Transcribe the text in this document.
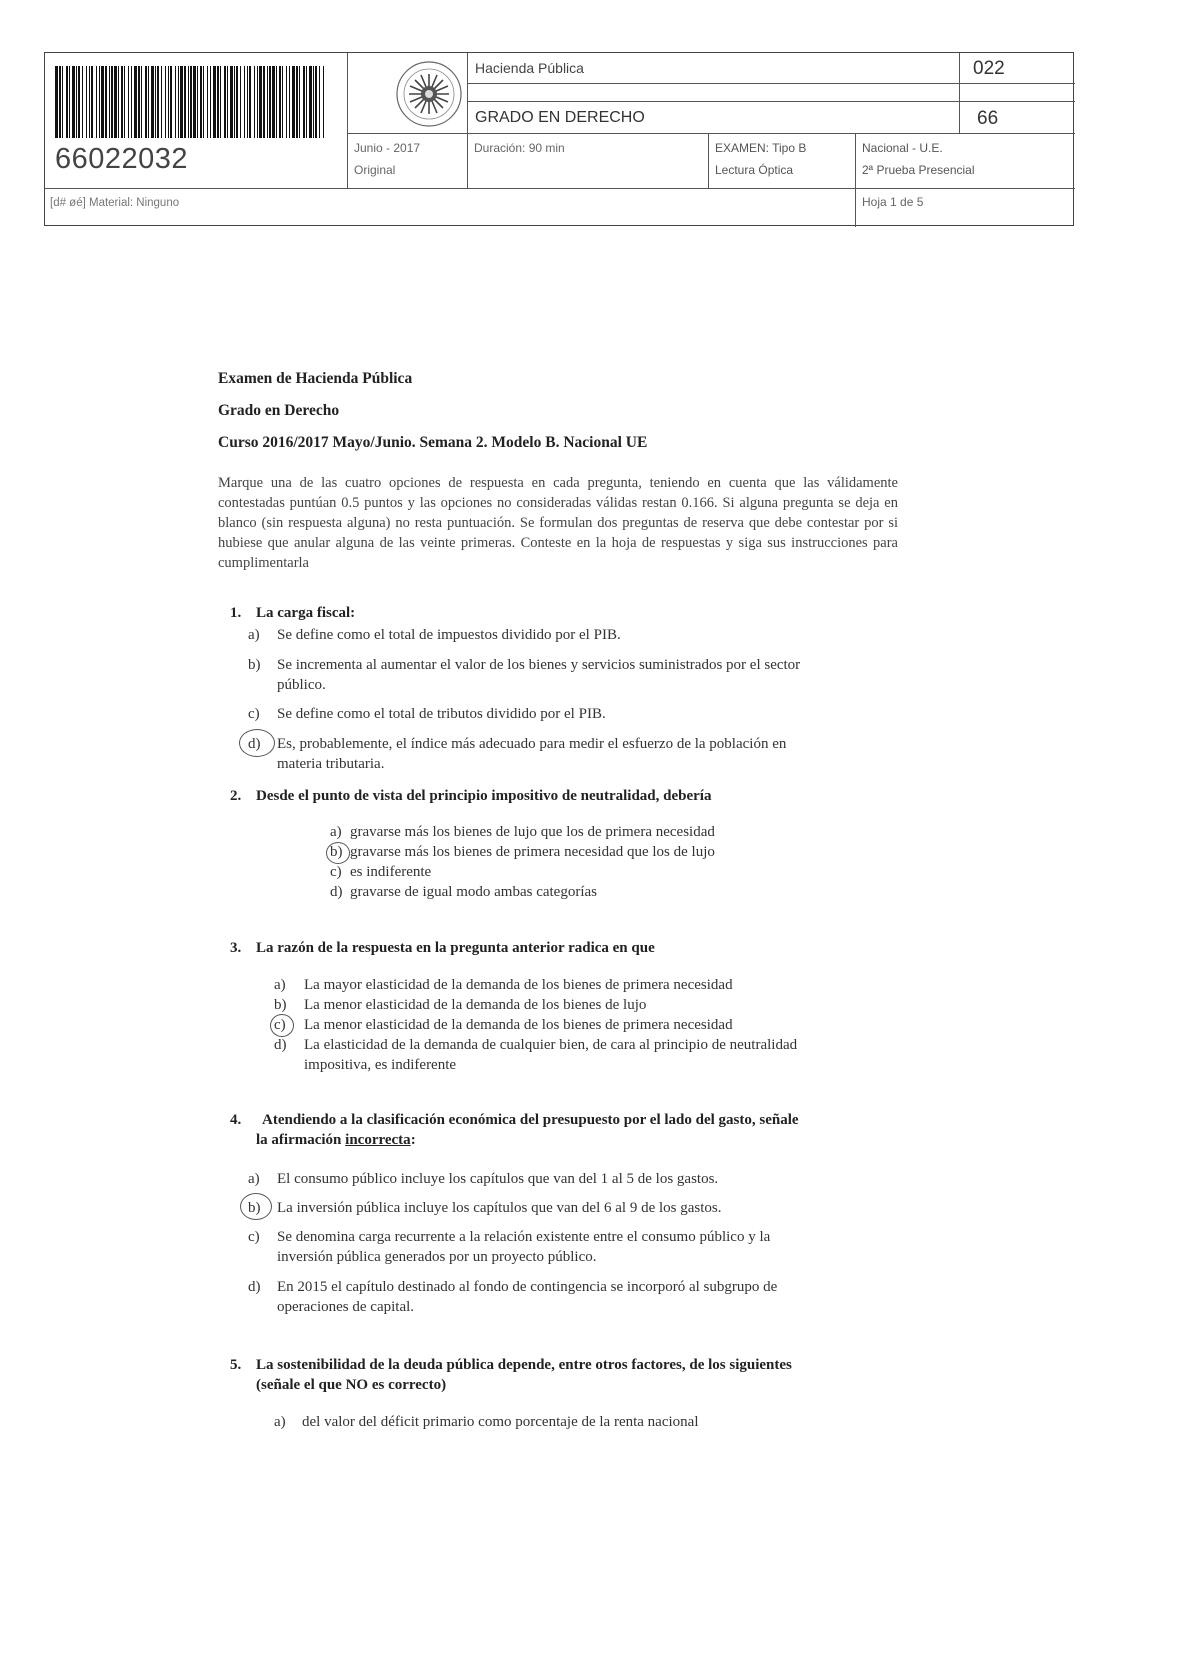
66022032
Hacienda Pública	022
GRADO EN DERECHO	66
Junio - 2017
Original
Duración: 90 min	EXAMEN: Tipo B
Lectura Óptica
Nacional - U.E.
2ª Prueba Presencial
[d# øé] Material: Ninguno	Hoja 1 de 5
Examen de Hacienda Pública
Grado en Derecho
Curso 2016/2017 Mayo/Junio. Semana 2. Modelo B. Nacional UE
Marque una de las cuatro opciones de respuesta en cada pregunta, teniendo en cuenta que las válidamente contestadas puntúan 0.5 puntos y las opciones no consideradas válidas restan 0.166. Si alguna pregunta se deja en blanco (sin respuesta alguna) no resta puntuación. Se formulan dos preguntas de reserva que debe contestar por si hubiese que anular alguna de las veinte primeras. Conteste en la hoja de respuestas y siga sus instrucciones para cumplimentarla
1. La carga fiscal:
a) Se define como el total de impuestos dividido por el PIB.
b) Se incrementa al aumentar el valor de los bienes y servicios suministrados por el sector
público.
c) Se define como el total de tributos dividido por el PIB.
d) Es, probablemente, el índice más adecuado para medir el esfuerzo de la población en
materia tributaria.
2. Desde el punto de vista del principio impositivo de neutralidad, debería
a) gravarse más los bienes de lujo que los de primera necesidad
b) gravarse más los bienes de primera necesidad que los de lujo
c) es indiferente
d) gravarse de igual modo ambas categorías
3. La razón de la respuesta en la pregunta anterior radica en que
a) La mayor elasticidad de la demanda de los bienes de primera necesidad
b) La menor elasticidad de la demanda de los bienes de lujo
c) La menor elasticidad de la demanda de los bienes de primera necesidad
d) La elasticidad de la demanda de cualquier bien, de cara al principio de neutralidad
impositiva, es indiferente
4. Atendiendo a la clasificación económica del presupuesto por el lado del gasto, señale
la afirmación incorrecta:
a) El consumo público incluye los capítulos que van del 1 al 5 de los gastos.
b) La inversión pública incluye los capítulos que van del 6 al 9 de los gastos.
c) Se denomina carga recurrente a la relación existente entre el consumo público y la
inversión pública generados por un proyecto público.
d) En 2015 el capítulo destinado al fondo de contingencia se incorporó al subgrupo de
operaciones de capital.
5. La sostenibilidad de la deuda pública depende, entre otros factores, de los siguientes
(señale el que NO es correcto)
a) del valor del déficit primario como porcentaje de la renta nacional
